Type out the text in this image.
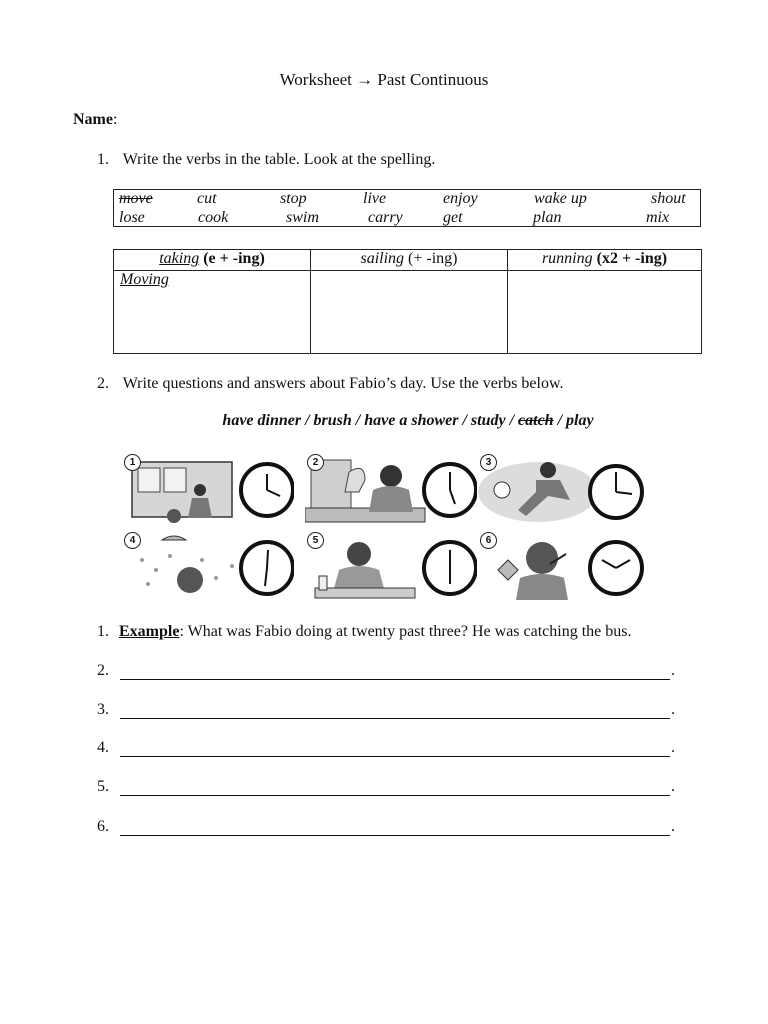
Worksheet → Past Continuous
Name:
1. Write the verbs in the table. Look at the spelling.
move	cut	stop	live	enjoy	wake up	shout
lose	cook	swim	carry	get	plan	mix
taking (e + -ing)	sailing (+ -ing)	running (x2 + -ing)

Moving		

2. Write questions and answers about Fabio’s day. Use the verbs below.
have dinner / brush / have a shower / study / catch / play
1	2	3
4	5	6
1. Example: What was Fabio doing at twenty past three? He was catching the bus.
2.	.
3.	.
4.	.
5.	.
6.	.
